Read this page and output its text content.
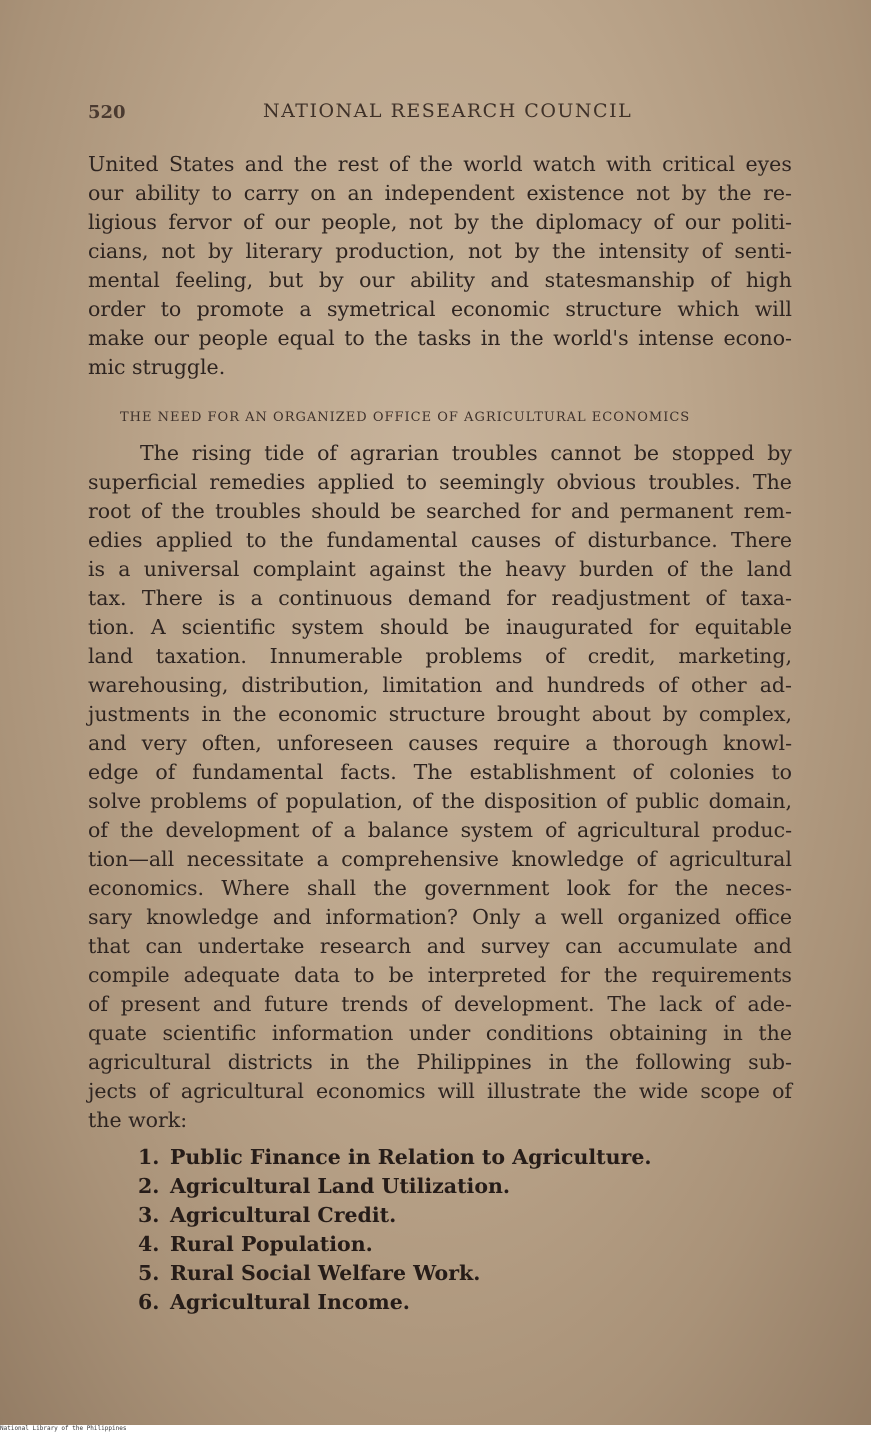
520	NATIONAL RESEARCH COUNCIL
United States and the rest of the world watch with critical eyes
our ability to carry on an independent existence not by the re-
ligious fervor of our people, not by the diplomacy of our politi-
cians, not by literary production, not by the intensity of senti-
mental feeling, but by our ability and statesmanship of high
order to promote a symetrical economic structure which will
make our people equal to the tasks in the world's intense econo-
mic struggle.
THE NEED FOR AN ORGANIZED OFFICE OF AGRICULTURAL ECONOMICS
The rising tide of agrarian troubles cannot be stopped by
superficial remedies applied to seemingly obvious troubles. The
root of the troubles should be searched for and permanent rem-
edies applied to the fundamental causes of disturbance. There
is a universal complaint against the heavy burden of the land
tax. There is a continuous demand for readjustment of taxa-
tion. A scientific system should be inaugurated for equitable
land taxation. Innumerable problems of credit, marketing,
warehousing, distribution, limitation and hundreds of other ad-
justments in the economic structure brought about by complex,
and very often, unforeseen causes require a thorough knowl-
edge of fundamental facts. The establishment of colonies to
solve problems of population, of the disposition of public domain,
of the development of a balance system of agricultural produc-
tion—all necessitate a comprehensive knowledge of agricultural
economics. Where shall the government look for the neces-
sary knowledge and information? Only a well organized office
that can undertake research and survey can accumulate and
compile adequate data to be interpreted for the requirements
of present and future trends of development. The lack of ade-
quate scientific information under conditions obtaining in the
agricultural districts in the Philippines in the following sub-
jects of agricultural economics will illustrate the wide scope of
the work:
1. Public Finance in Relation to Agriculture.
2. Agricultural Land Utilization.
3. Agricultural Credit.
4. Rural Population.
5. Rural Social Welfare Work.
6. Agricultural Income.
National Library of the Philippines
